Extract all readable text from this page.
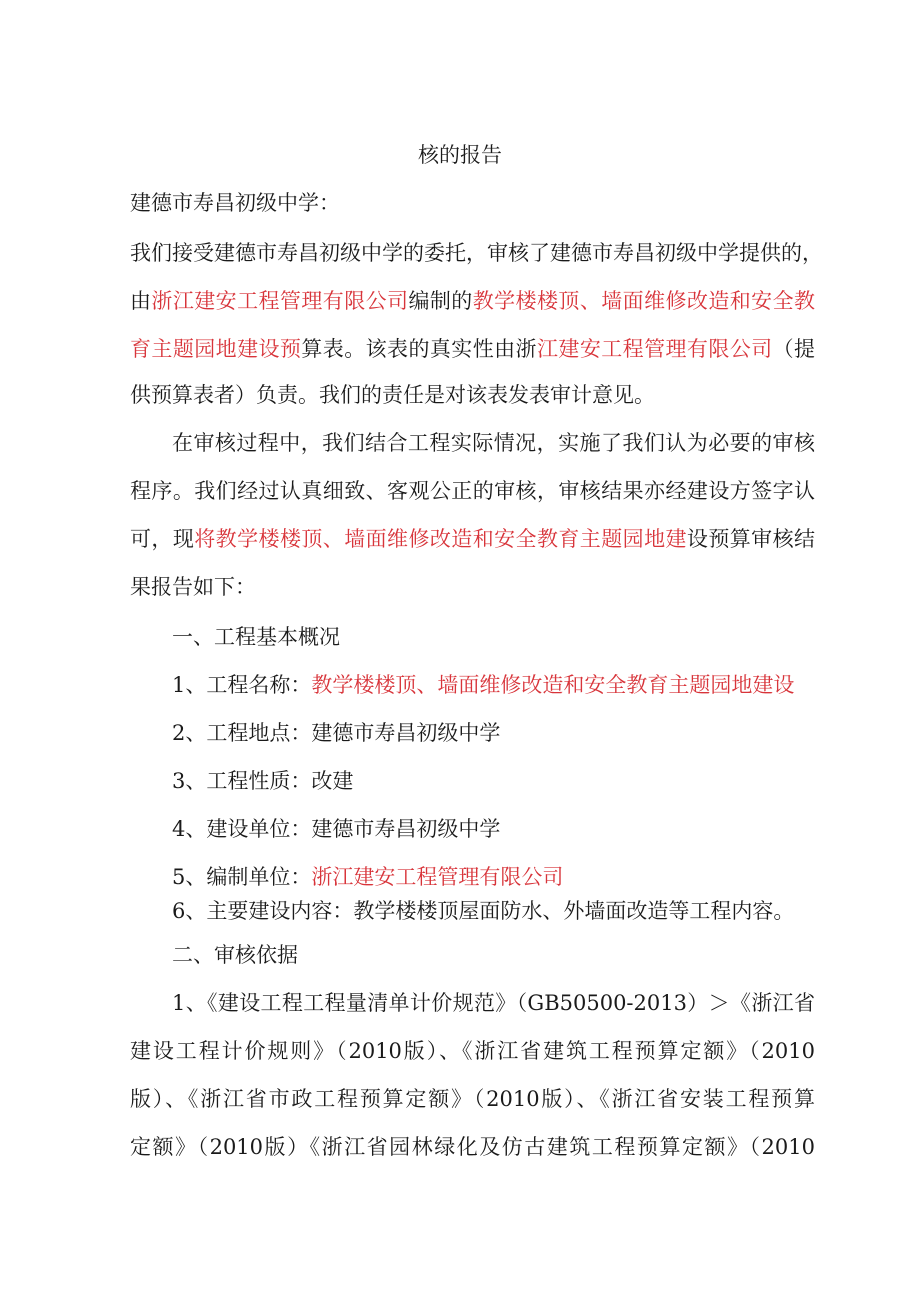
核的报告
建德市寿昌初级中学：
我们接受建德市寿昌初级中学的委托，审核了建德市寿昌初级中学提供的，
由浙江建安工程管理有限公司编制的教学楼楼顶、墙面维修改造和安全教
育主题园地建设预算表。该表的真实性由浙江建安工程管理有限公司（提
供预算表者）负责。我们的责任是对该表发表审计意见。
在审核过程中，我们结合工程实际情况，实施了我们认为必要的审核
程序。我们经过认真细致、客观公正的审核，审核结果亦经建设方签字认
可，现将教学楼楼顶、墙面维修改造和安全教育主题园地建设预算审核结
果报告如下：
一、工程基本概况
1、工程名称：教学楼楼顶、墙面维修改造和安全教育主题园地建设
2、工程地点：建德市寿昌初级中学
3、工程性质：改建
4、建设单位：建德市寿昌初级中学
5、编制单位：浙江建安工程管理有限公司
6、主要建设内容：教学楼楼顶屋面防水、外墙面改造等工程内容。
二、审核依据
1、《建设工程工程量清单计价规范》（GB50500-2013）＞《浙江省
建设工程计价规则》（2010版）、《浙江省建筑工程预算定额》（2010
版）、《浙江省市政工程预算定额》（2010版）、《浙江省安装工程预算
定额》（2010版）《浙江省园林绿化及仿古建筑工程预算定额》（2010
